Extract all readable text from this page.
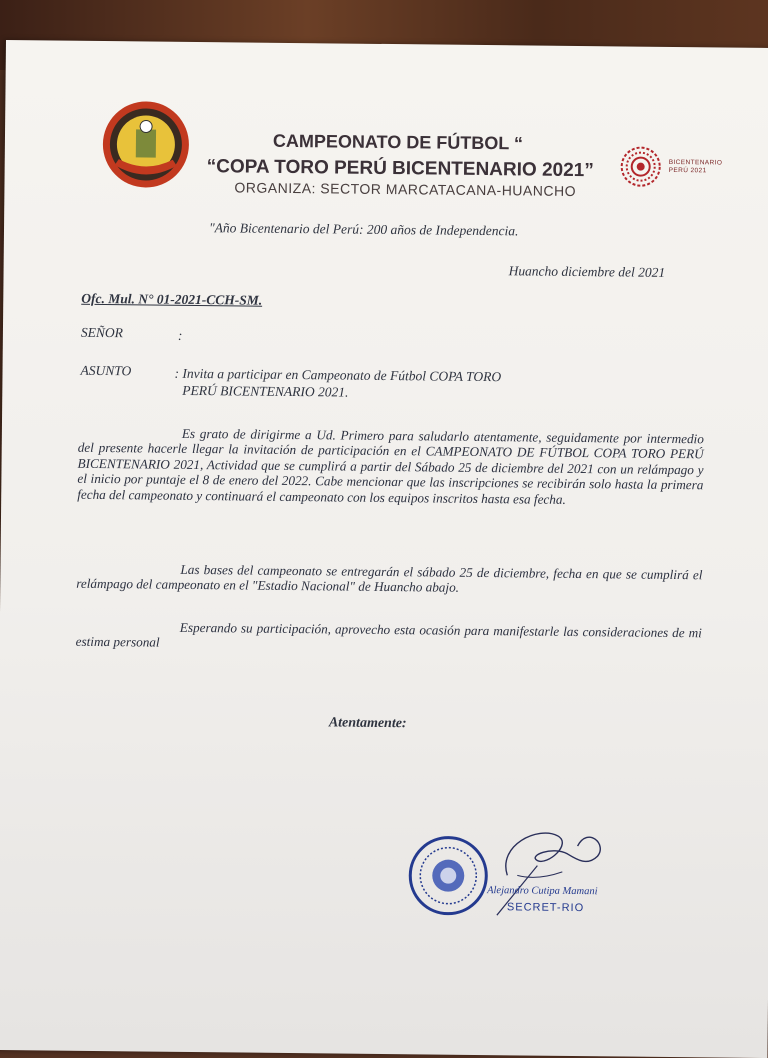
CAMPEONATO DE FÚTBOL “
“COPA TORO PERÚ BICENTENARIO 2021”
ORGANIZA: SECTOR MARCATACANA-HUANCHO
BICENTENARIO
PERÚ 2021
"Año Bicentenario del Perú: 200 años de Independencia.
Huancho diciembre del 2021
Ofc. Mul. N° 01-2021-CCH-SM.
SEÑOR	:
ASUNTO	: Invita a participar en Campeonato de Fútbol COPA TORO
PERÚ BICENTENARIO 2021.
Es grato de dirigirme a Ud. Primero para saludarlo atentamente, seguidamente por intermedio del presente hacerle llegar la invitación de participación en el CAMPEONATO DE FÚTBOL COPA TORO PERÚ BICENTENARIO 2021, Actividad que se cumplirá a partir del Sábado 25 de diciembre del 2021 con un relámpago y el inicio por puntaje el 8 de enero del 2022. Cabe mencionar que las inscripciones se recibirán solo hasta la primera fecha del campeonato y continuará el campeonato con los equipos inscritos hasta esa fecha.
Las bases del campeonato se entregarán el sábado 25 de diciembre, fecha en que se cumplirá el relámpago del campeonato en el "Estadio Nacional" de Huancho abajo.
Esperando su participación, aprovecho esta ocasión para manifestarle las consideraciones de mi estima personal
Atentamente:
Alejandro Cutipa Mamani
SECRET-RIO
